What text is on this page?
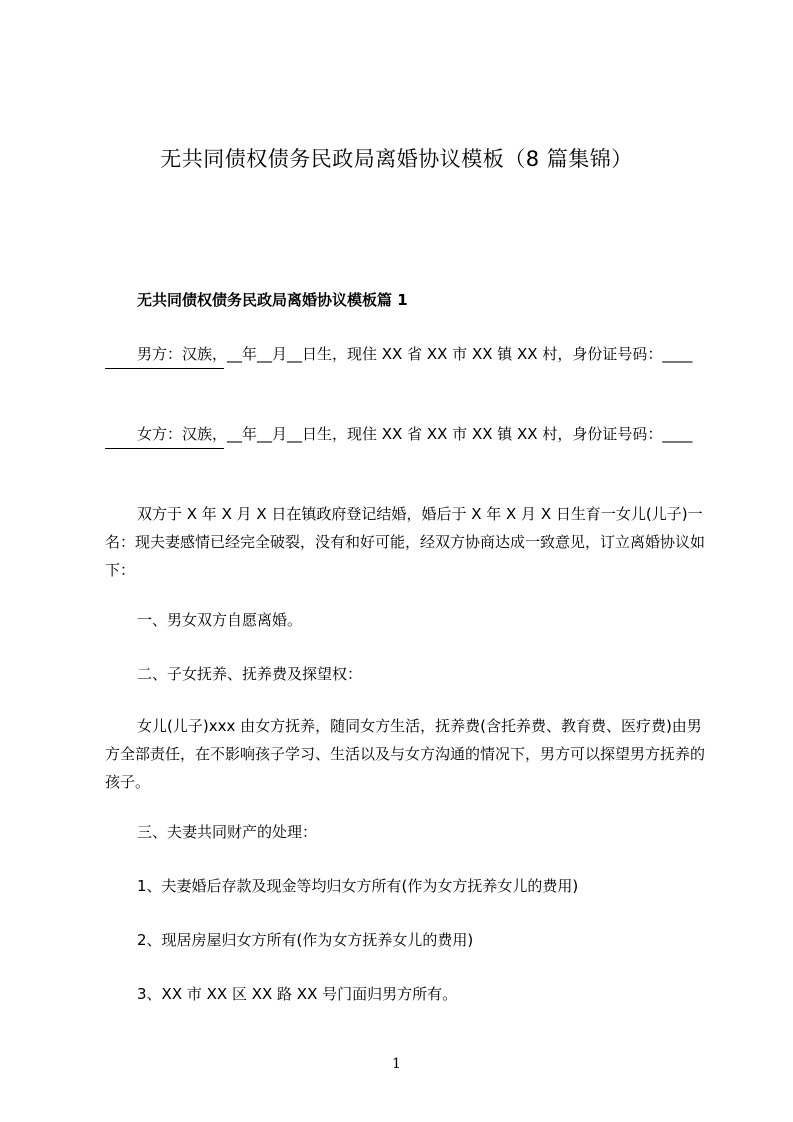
无共同债权债务民政局离婚协议模板（8 篇集锦）
无共同债权债务民政局离婚协议模板篇 1
男方：汉族，__年__月__日生，现住 XX 省 XX 市 XX 镇 XX 村，身份证号码：____
女方：汉族，__年__月__日生，现住 XX 省 XX 市 XX 镇 XX 村，身份证号码：____
双方于 X 年 X 月 X 日在镇政府登记结婚，婚后于 X 年 X 月 X 日生育一女儿(儿子)一名：现夫妻感情已经完全破裂，没有和好可能，经双方协商达成一致意见，订立离婚协议如下：
一、男女双方自愿离婚。
二、子女抚养、抚养费及探望权：
女儿(儿子)xxx 由女方抚养，随同女方生活，抚养费(含托养费、教育费、医疗费)由男方全部责任，在不影响孩子学习、生活以及与女方沟通的情况下，男方可以探望男方抚养的孩子。
三、夫妻共同财产的处理：
1、夫妻婚后存款及现金等均归女方所有(作为女方抚养女儿的费用)
2、现居房屋归女方所有(作为女方抚养女儿的费用)
3、XX 市 XX 区 XX 路 XX 号门面归男方所有。
1
